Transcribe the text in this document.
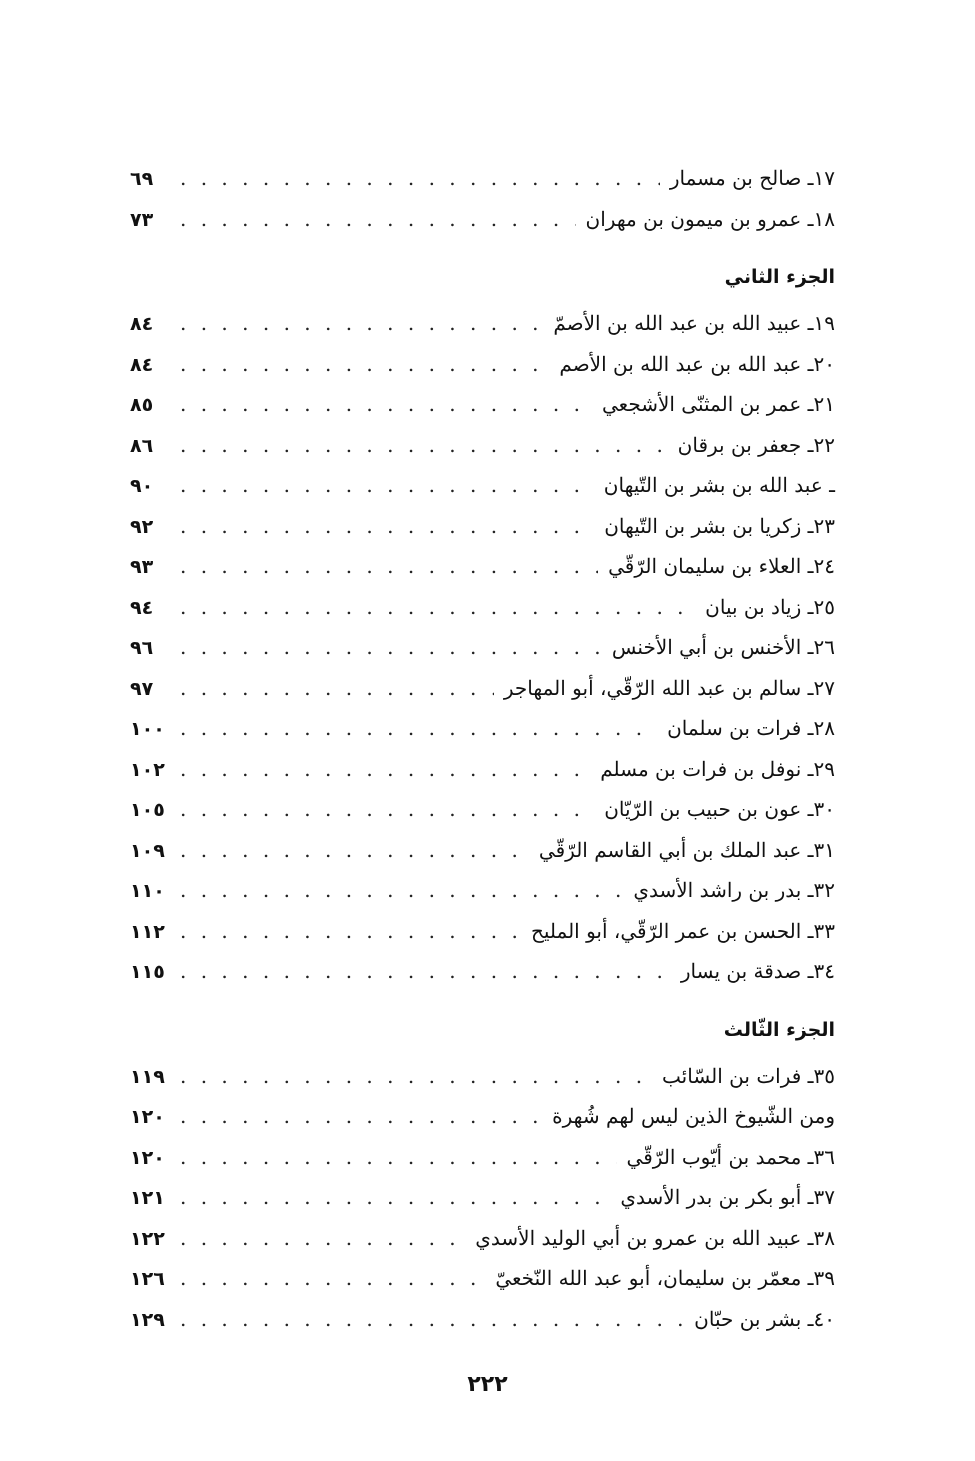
١٧ـ صالح بن مسمار
. . .
٦٩
١٨ـ عمرو بن ميمون بن مهران
. . .
٧٣
الجزء الثاني
١٩ـ عبيد الله بن عبد الله بن الأصمّ
. . .
٨٤
٢٠ـ عبد الله بن عبد الله بن الأصم
. . .
٨٤
٢١ـ عمر بن المثنّى الأشجعي
. . .
٨٥
٢٢ـ جعفر بن برقان
. . .
٨٦
ـ عبد الله بن بشر بن التّيهان
. . .
٩٠
٢٣ـ زكريا بن بشر بن التّيهان
. . .
٩٢
٢٤ـ العلاء بن سليمان الرّقّي
. . .
٩٣
٢٥ـ زياد بن بيان
. . .
٩٤
٢٦ـ الأخنس بن أبي الأخنس
. . .
٩٦
٢٧ـ سالم بن عبد الله الرّقّي، أبو المهاجر
. . .
٩٧
٢٨ـ فرات بن سلمان
. . .
١٠٠
٢٩ـ نوفل بن فرات بن مسلم
. . .
١٠٢
٣٠ـ عون بن حبيب بن الرّيّان
. . .
١٠٥
٣١ـ عبد الملك بن أبي القاسم الرّقّي
. . .
١٠٩
٣٢ـ بدر بن راشد الأسدي
. . .
١١٠
٣٣ـ الحسن بن عمر الرّقّي، أبو المليح
. . .
١١٢
٣٤ـ صدقة بن يسار
. . .
١١٥
الجزء الثّالث
٣٥ـ فرات بن السّائب
. . .
١١٩
ومن الشّيوخ الذين ليس لهم شُهرة
. . .
١٢٠
٣٦ـ محمد بن أيّوب الرّقّي
. . .
١٢٠
٣٧ـ أبو بكر بن بدر الأسدي
. . .
١٢١
٣٨ـ عبيد الله بن عمرو بن أبي الوليد الأسدي
. . .
١٢٢
٣٩ـ معمّر بن سليمان، أبو عبد الله النّخعيّ
. . .
١٢٦
٤٠ـ بشر بن حبّان
. . .
١٢٩
٢٢٢
